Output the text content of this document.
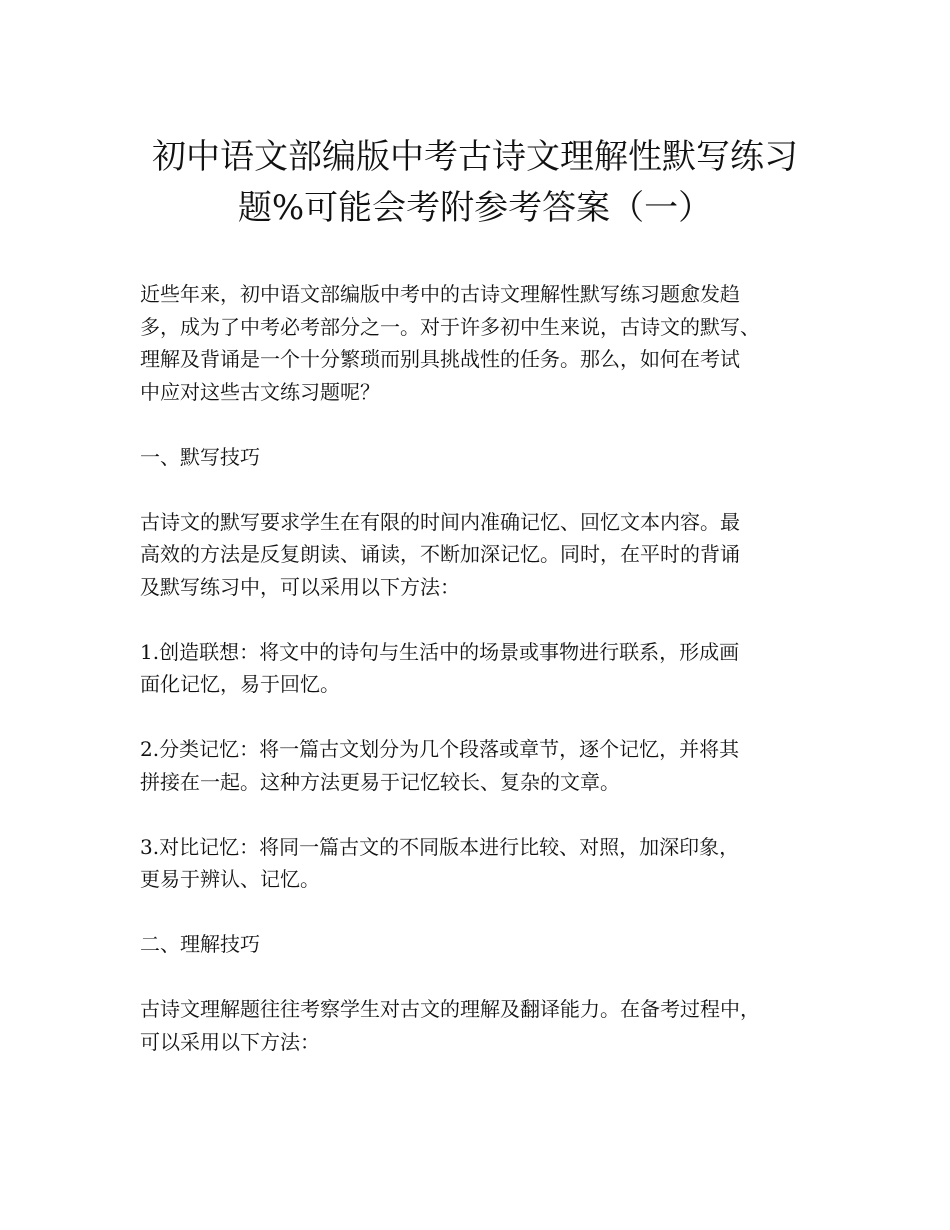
初中语文部编版中考古诗文理解性默写练习
题%可能会考附参考答案（一）

近些年来，初中语文部编版中考中的古诗文理解性默写练习题愈发趋
多，成为了中考必考部分之一。对于许多初中生来说，古诗文的默写、
理解及背诵是一个十分繁琐而别具挑战性的任务。那么，如何在考试
中应对这些古文练习题呢？

一、默写技巧

古诗文的默写要求学生在有限的时间内准确记忆、回忆文本内容。最
高效的方法是反复朗读、诵读，不断加深记忆。同时，在平时的背诵
及默写练习中，可以采用以下方法：

1.创造联想：将文中的诗句与生活中的场景或事物进行联系，形成画
面化记忆，易于回忆。

2.分类记忆：将一篇古文划分为几个段落或章节，逐个记忆，并将其
拼接在一起。这种方法更易于记忆较长、复杂的文章。

3.对比记忆：将同一篇古文的不同版本进行比较、对照，加深印象，
更易于辨认、记忆。

二、理解技巧

古诗文理解题往往考察学生对古文的理解及翻译能力。在备考过程中，
可以采用以下方法：
